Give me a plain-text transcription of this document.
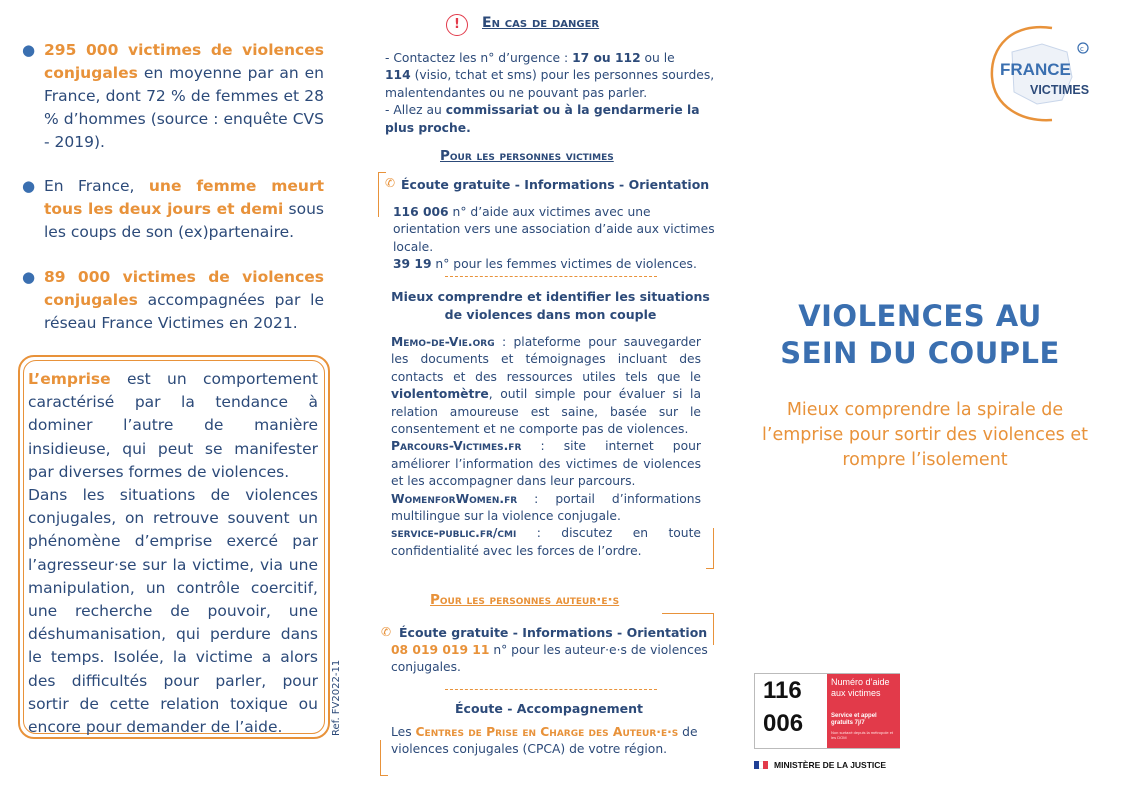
● 295 000 victimes de violences conjugales en moyenne par an en France, dont 72 % de femmes et 28 % d’hommes (source : enquête CVS - 2019).
● En France, une femme meurt tous les deux jours et demi sous les coups de son (ex)partenaire.
● 89 000 victimes de violences conjugales accompagnées par le réseau France Victimes en 2021.
L’emprise est un comportement caractérisé par la tendance à dominer l’autre de manière insidieuse, qui peut se manifester par diverses formes de violences.
Dans les situations de violences conjugales, on retrouve souvent un phénomène d’emprise exercé par l’agresseur·se sur la victime, via une manipulation, un contrôle coercitif, une recherche de pouvoir, une déshumanisation, qui perdure dans le temps. Isolée, la victime a alors des difficultés pour parler, pour sortir de cette relation toxique ou encore pour demander de l’aide.	Ref. FV2022-11
!	En cas de danger
- Contactez les n° d’urgence : 17 ou 112 ou le
114 (visio, tchat et sms) pour les personnes sourdes, malentendantes ou ne pouvant pas parler.
- Allez au commissariat ou à la gendarmerie la plus proche.
Pour les personnes victimes
✆ Écoute gratuite - Informations - Orientation
116 006 n° d’aide aux victimes avec une orientation vers une association d’aide aux victimes locale.
39 19 n° pour les femmes victimes de violences.
Mieux comprendre et identifier les situations de violences dans mon couple
Memo-de-Vie.org : plateforme pour sauvegarder les documents et témoignages incluant des contacts et des ressources utiles tels que le violentomètre, outil simple pour évaluer si la relation amoureuse est saine, basée sur le consentement et ne comporte pas de violences.
Parcours-Victimes.fr : site internet pour améliorer l’information des victimes de violences et les accompagner dans leur parcours.
WomenforWomen.fr : portail d’informations multilingue sur la violence conjugale.
service-public.fr/cmi : discutez en toute confidentialité avec les forces de l’ordre.
Pour les personnes auteur·e·s
✆ Écoute gratuite - Informations - Orientation
08 019 019 11 n° pour les auteur·e·s de violences conjugales.
Écoute - Accompagnement
Les Centres de Prise en Charge des Auteur·e·s de violences conjugales (CPCA) de votre région.
FRANCE
VICTIMES
c
VIOLENCES AU
SEIN DU COUPLE
Mieux comprendre la spirale de l’emprise pour sortir des violences et rompre l’isolement
116
006
Numéro d’aide aux victimes
Service et appel gratuits 7j/7
Non surtaxé depuis la métropole et les DOM
MINISTÈRE DE LA JUSTICE
